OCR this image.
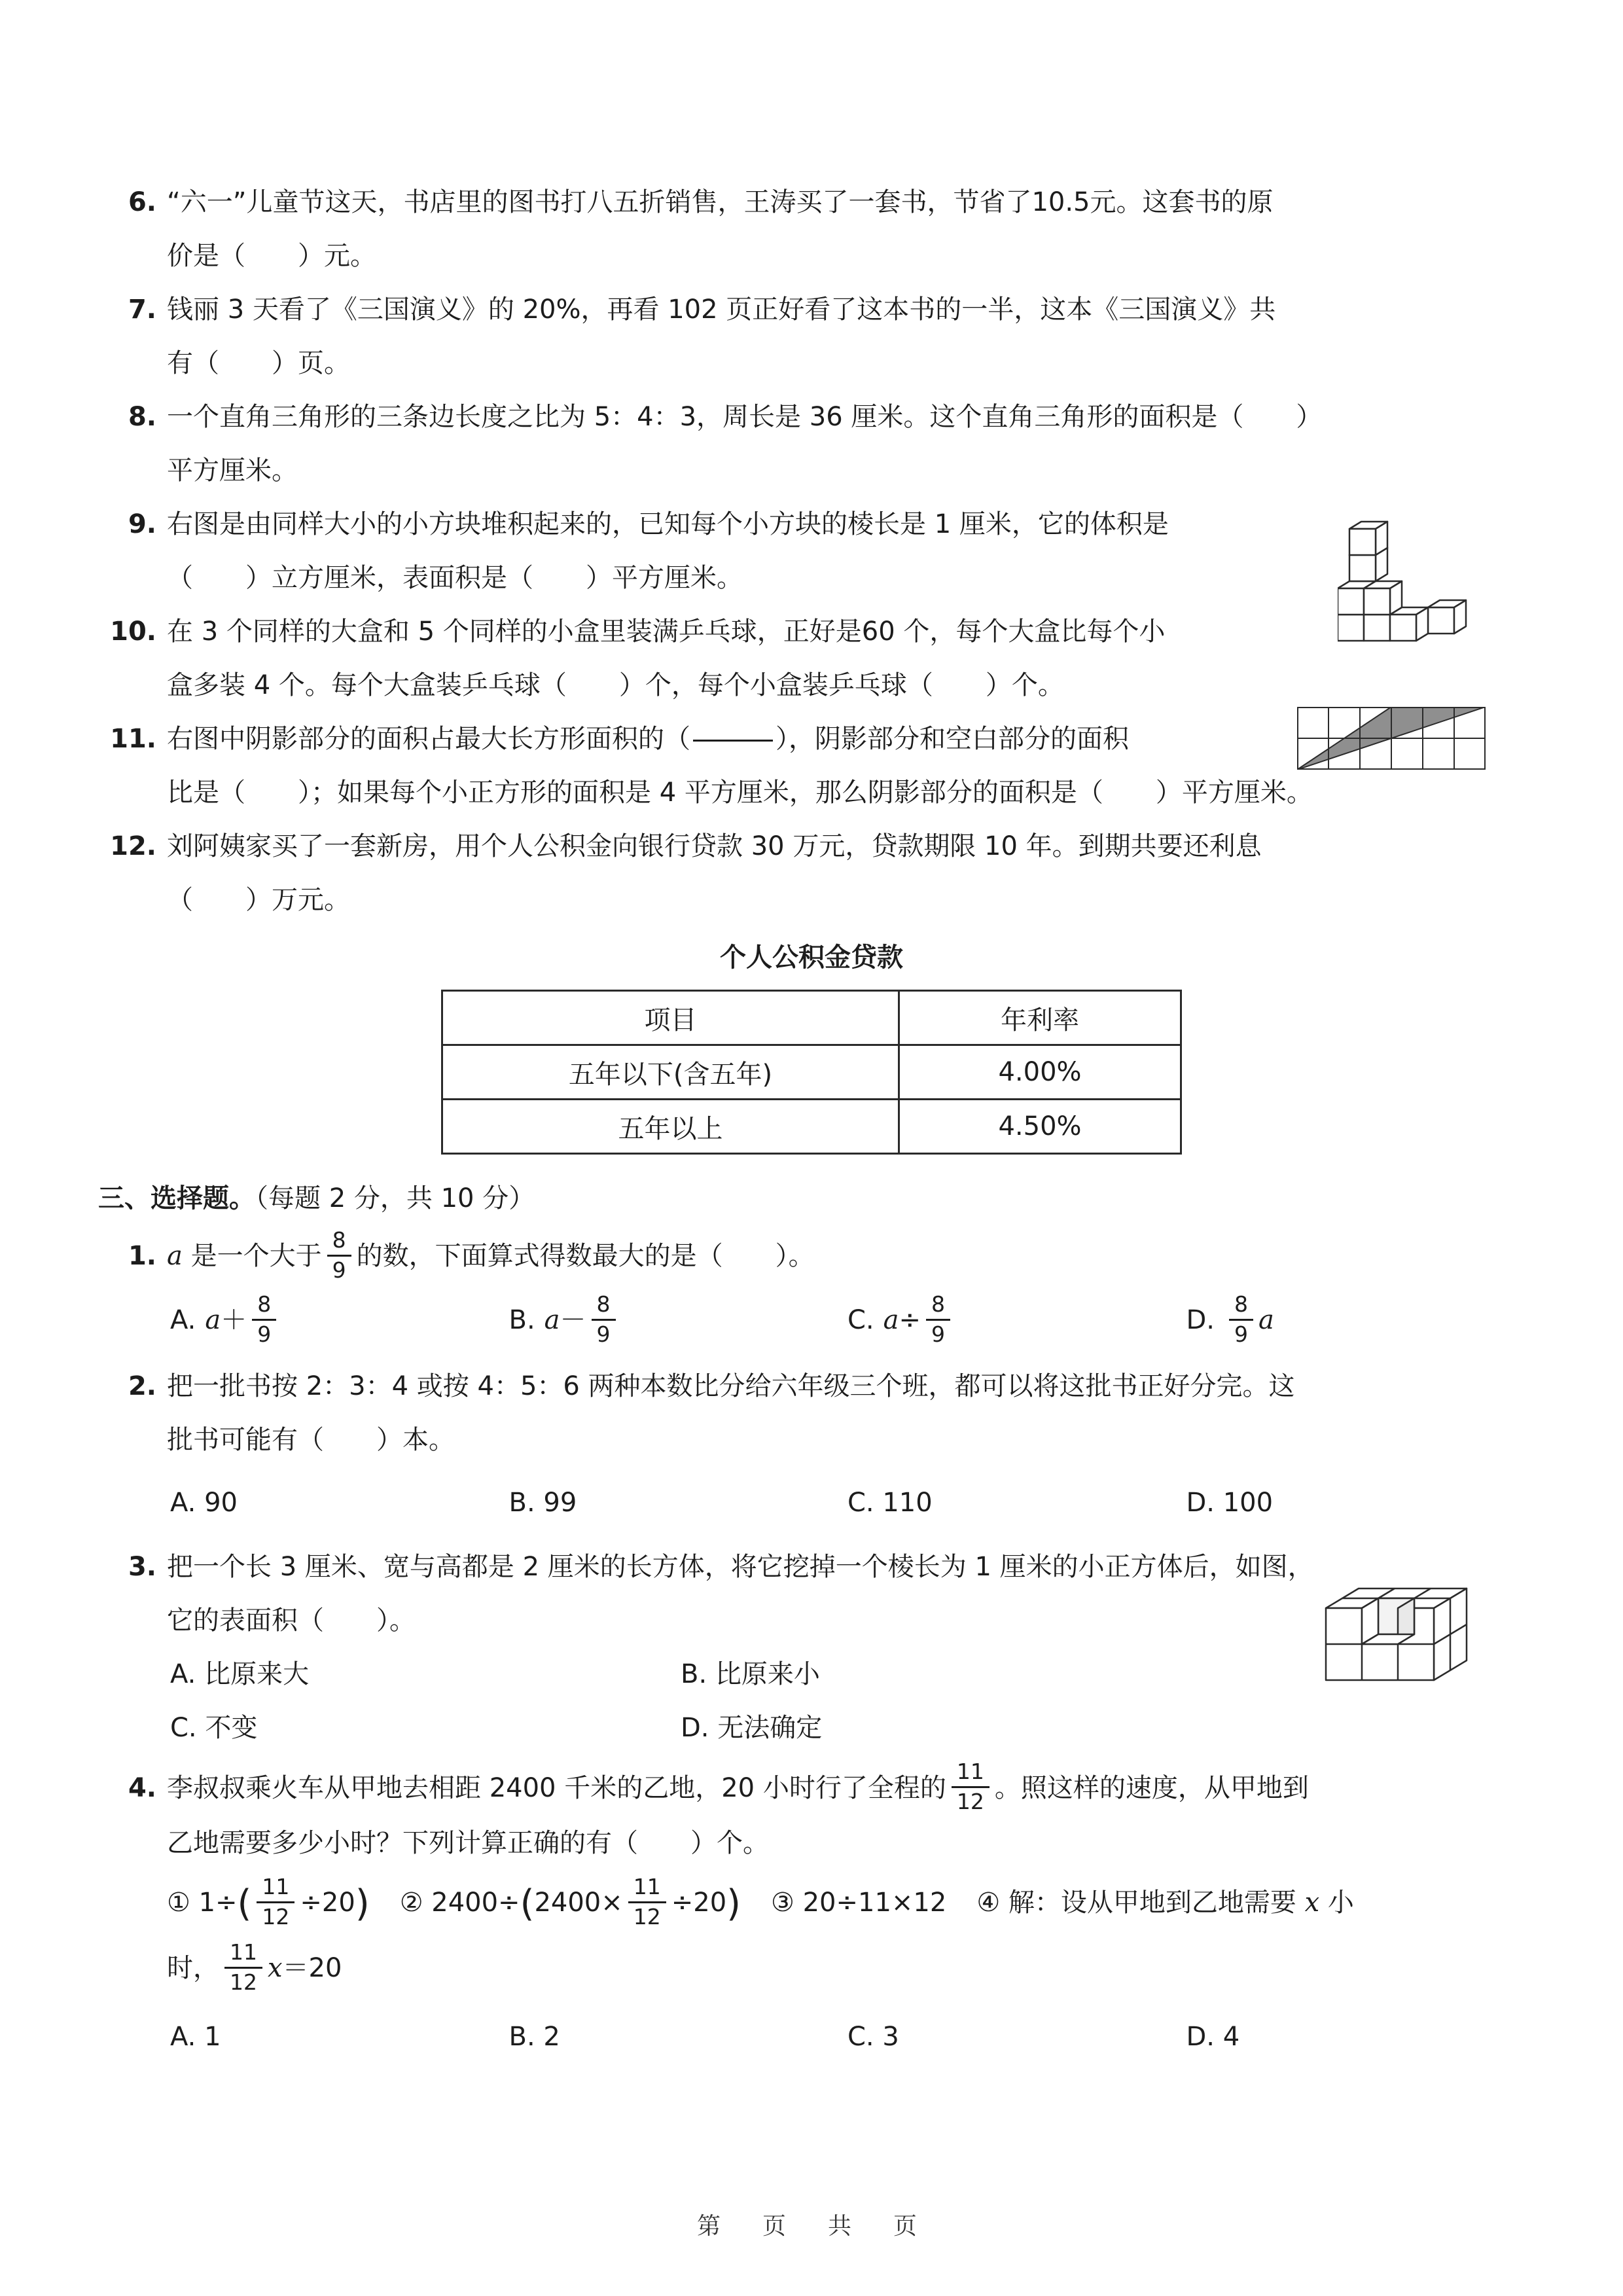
6. “六一”儿童节这天，书店里的图书打八五折销售，王涛买了一套书，节省了10.5元。这套书的原
价是（　　）元。
7. 钱丽 3 天看了《三国演义》的 20%，再看 102 页正好看了这本书的一半，这本《三国演义》共
有（　　）页。
8. 一个直角三角形的三条边长度之比为 5：4：3，周长是 36 厘米。这个直角三角形的面积是（　　）
平方厘米。
9. 右图是由同样大小的小方块堆积起来的，已知每个小方块的棱长是 1 厘米，它的体积是
（　　）立方厘米，表面积是（　　）平方厘米。
10. 在 3 个同样的大盒和 5 个同样的小盒里装满乒乓球，正好是60 个，每个大盒比每个小
盒多装 4 个。每个大盒装乒乓球（　　）个，每个小盒装乒乓球（　　）个。
11. 右图中阴影部分的面积占最大长方形面积的（	），阴影部分和空白部分的面积
比是（　　）；如果每个小正方形的面积是 4 平方厘米，那么阴影部分的面积是（　　）平方厘米。
12. 刘阿姨家买了一套新房，用个人公积金向银行贷款 30 万元，贷款期限 10 年。到期共要还利息
（　　）万元。
个人公积金贷款
项目	年利率
五年以下(含五年)	4.00%
五年以上	4.50%
三、选择题。（每题 2 分，共 10 分）
1. a 是一个大于 $\frac{8}{9}$ 的数，下面算式得数最大的是（　　）。
A. $a+ \frac{8}{9}$	B. $a- \frac{8}{9}$	C. $a\div \frac{8}{9}$	D. $\frac{8}{9}$ a
2. 把一批书按 2：3：4 或按 4：5：6 两种本数比分给六年级三个班，都可以将这批书正好分完。这
批书可能有（　　）本。
A. 90	B. 99	C. 110	D. 100
3. 把一个长 3 厘米、宽与高都是 2 厘米的长方体，将它挖掉一个棱长为 1 厘米的小正方体后，如图，
它的表面积（　　）。
A. 比原来大	B. 比原来小
C. 不变	D. 无法确定
4. 李叔叔乘火车从甲地去相距 2400 千米的乙地，20 小时行了全程的 $\frac{11}{12}$ 。照这样的速度，从甲地到
乙地需要多少小时？下列计算正确的有（　　）个。
① $1\div( \frac{11}{12} \div 20)$ ② $2400\div(2400\times \frac{11}{12} \div 20)$ ③ 20÷11×12 ④ 解：设从甲地到乙地需要 x 小
时， $\frac{11}{12} x=20$
A. 1	B. 2	C. 3	D. 4
第　页　共　页
